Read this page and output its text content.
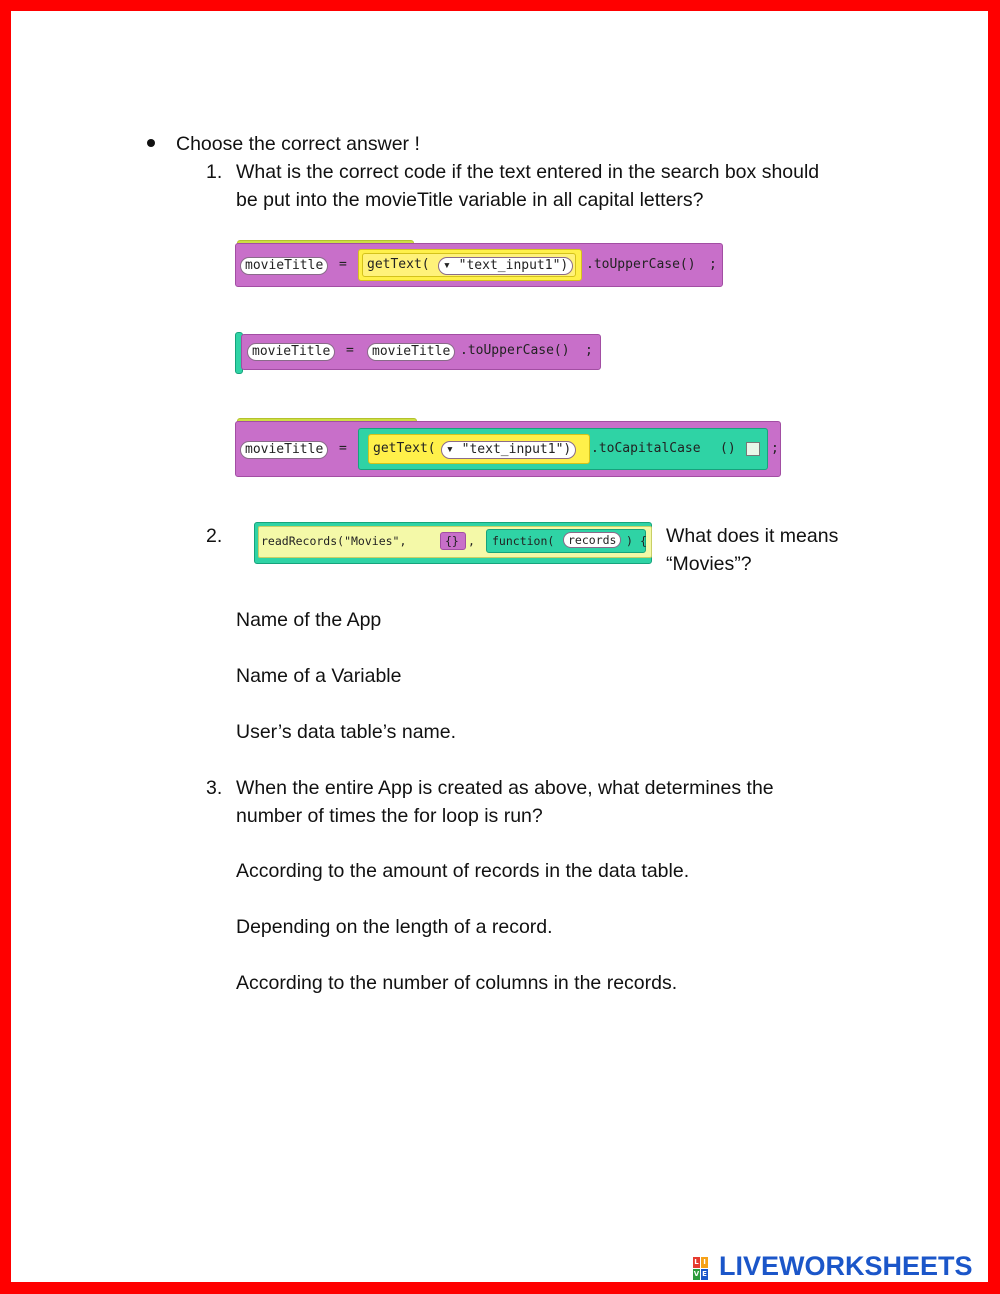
Choose the correct answer !
1. What is the correct code if the text entered in the search box should
be put into the movieTitle variable in all capital letters?
movieTitle	= getText(	▾ "text_input1")	.toUpperCase() ;
movieTitle	=	movieTitle .toUpperCase() ;
movieTitle	= getText( ▾ "text_input1")	.toCapitalCase ()	;
2.	readRecords("Movies",	{} , function(	records ) { What does it means
“Movies”?
Name of the App
Name of a Variable
User’s data table’s name.
3. When the entire App is created as above, what determines the
number of times the for loop is run?
According to the amount of records in the data table.
Depending on the length of a record.
According to the number of columns in the records.
L
V
I
E LIVEWORKSHEETS
